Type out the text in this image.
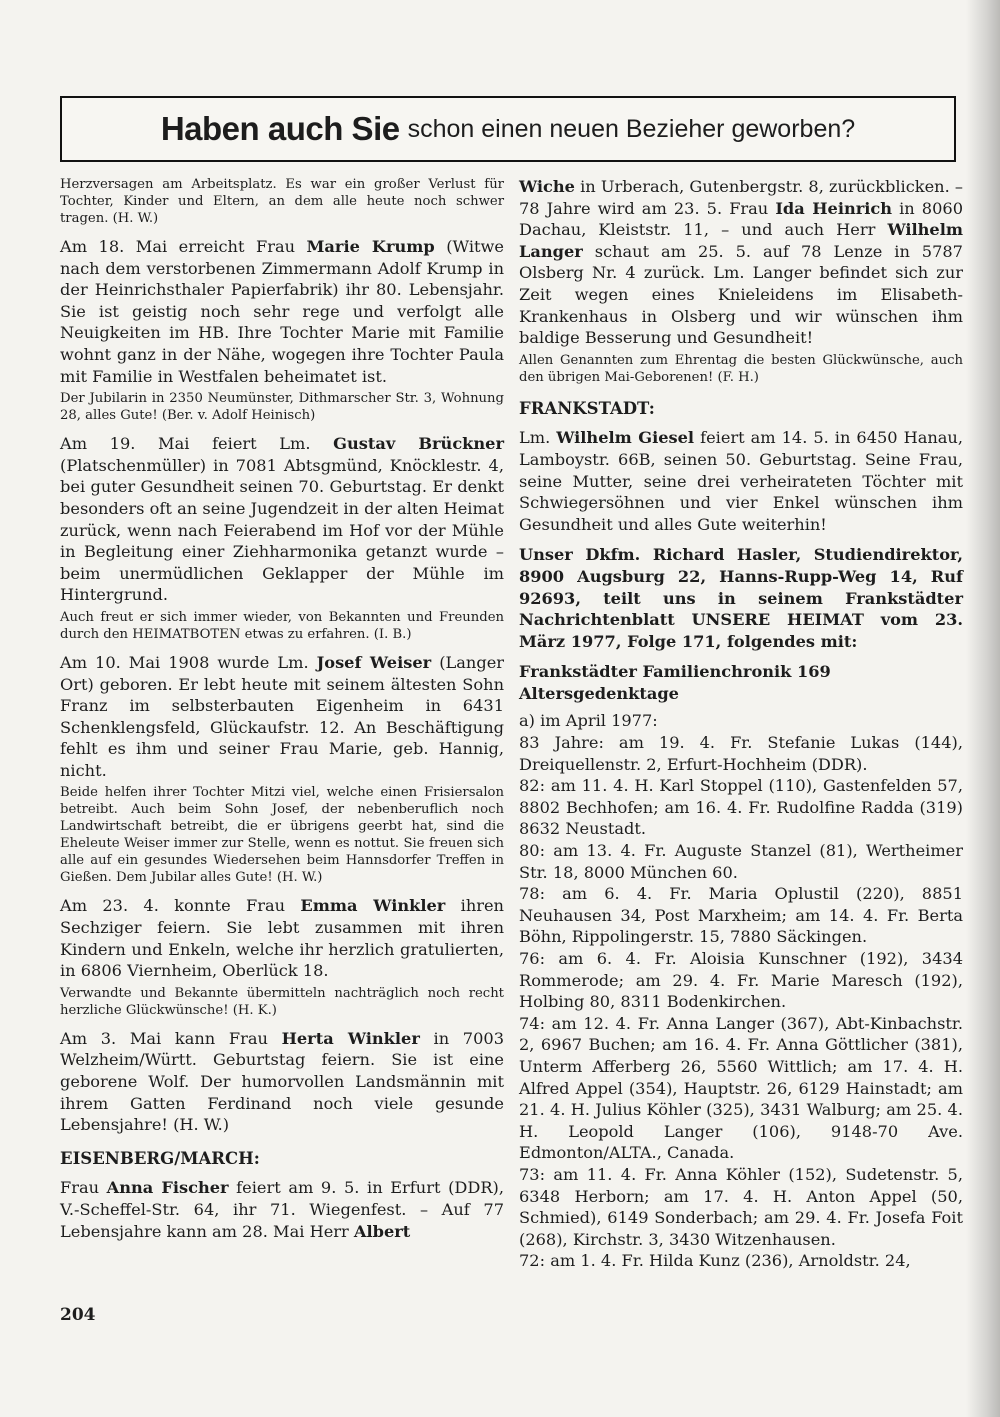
Haben auch Sie schon einen neuen Bezieher geworben?

Herzversagen am Arbeitsplatz. Es war ein großer Verlust für Tochter, Kinder und Eltern, an dem alle heute noch schwer tragen. (H. W.)

Am 18. Mai erreicht Frau Marie Krump (Witwe nach dem verstorbenen Zimmermann Adolf Krump in der Heinrichsthaler Papierfabrik) ihr 80. Lebensjahr. Sie ist geistig noch sehr rege und verfolgt alle Neuigkeiten im HB. Ihre Tochter Marie mit Familie wohnt ganz in der Nähe, wogegen ihre Tochter Paula mit Familie in Westfalen beheimatet ist.

Der Jubilarin in 2350 Neumünster, Dithmarscher Str. 3, Wohnung 28, alles Gute! (Ber. v. Adolf Heinisch)

Am 19. Mai feiert Lm. Gustav Brückner (Platschenmüller) in 7081 Abtsgmünd, Knöcklestr. 4, bei guter Gesundheit seinen 70. Geburtstag. Er denkt besonders oft an seine Jugendzeit in der alten Heimat zurück, wenn nach Feierabend im Hof vor der Mühle in Begleitung einer Ziehharmonika getanzt wurde – beim unermüdlichen Geklapper der Mühle im Hintergrund.

Auch freut er sich immer wieder, von Bekannten und Freunden durch den HEIMATBOTEN etwas zu erfahren. (I. B.)

Am 10. Mai 1908 wurde Lm. Josef Weiser (Langer Ort) geboren. Er lebt heute mit seinem ältesten Sohn Franz im selbsterbauten Eigenheim in 6431 Schenklengsfeld, Glückaufstr. 12. An Beschäftigung fehlt es ihm und seiner Frau Marie, geb. Hannig, nicht.

Beide helfen ihrer Tochter Mitzi viel, welche einen Frisiersalon betreibt. Auch beim Sohn Josef, der nebenberuflich noch Landwirtschaft betreibt, die er übrigens geerbt hat, sind die Eheleute Weiser immer zur Stelle, wenn es nottut. Sie freuen sich alle auf ein gesundes Wiedersehen beim Hannsdorfer Treffen in Gießen. Dem Jubilar alles Gute! (H. W.)

Am 23. 4. konnte Frau Emma Winkler ihren Sechziger feiern. Sie lebt zusammen mit ihren Kindern und Enkeln, welche ihr herzlich gratulierten, in 6806 Viernheim, Oberlück 18.

Verwandte und Bekannte übermitteln nachträglich noch recht herzliche Glückwünsche! (H. K.)

Am 3. Mai kann Frau Herta Winkler in 7003 Welzheim/Württ. Geburtstag feiern. Sie ist eine geborene Wolf. Der humorvollen Landsmännin mit ihrem Gatten Ferdinand noch viele gesunde Lebensjahre! (H. W.)

EISENBERG/MARCH:

Frau Anna Fischer feiert am 9. 5. in Erfurt (DDR), V.-Scheffel-Str. 64, ihr 71. Wiegenfest. – Auf 77 Lebensjahre kann am 28. Mai Herr Albert

Wiche in Urberach, Gutenbergstr. 8, zurückblicken. – 78 Jahre wird am 23. 5. Frau Ida Heinrich in 8060 Dachau, Kleiststr. 11, – und auch Herr Wilhelm Langer schaut am 25. 5. auf 78 Lenze in 5787 Olsberg Nr. 4 zurück. Lm. Langer befindet sich zur Zeit wegen eines Knieleidens im Elisabeth-Krankenhaus in Olsberg und wir wünschen ihm baldige Besserung und Gesundheit!

Allen Genannten zum Ehrentag die besten Glückwünsche, auch den übrigen Mai-Geborenen! (F. H.)

FRANKSTADT:

Lm. Wilhelm Giesel feiert am 14. 5. in 6450 Hanau, Lamboystr. 66B, seinen 50. Geburtstag. Seine Frau, seine Mutter, seine drei verheirateten Töchter mit Schwiegersöhnen und vier Enkel wünschen ihm Gesundheit und alles Gute weiterhin!

Unser Dkfm. Richard Hasler, Studiendirektor, 8900 Augsburg 22, Hanns-Rupp-Weg 14, Ruf 92693, teilt uns in seinem Frankstädter Nachrichtenblatt UNSERE HEIMAT vom 23. März 1977, Folge 171, folgendes mit:

Frankstädter Familienchronik 169
Altersgedenktage

a) im April 1977:

83 Jahre: am 19. 4. Fr. Stefanie Lukas (144), Dreiquellenstr. 2, Erfurt-Hochheim (DDR).

82: am 11. 4. H. Karl Stoppel (110), Gastenfelden 57, 8802 Bechhofen; am 16. 4. Fr. Rudolfine Radda (319) 8632 Neustadt.

80: am 13. 4. Fr. Auguste Stanzel (81), Wertheimer Str. 18, 8000 München 60.

78: am 6. 4. Fr. Maria Oplustil (220), 8851 Neuhausen 34, Post Marxheim; am 14. 4. Fr. Berta Böhn, Rippolingerstr. 15, 7880 Säckingen.

76: am 6. 4. Fr. Aloisia Kunschner (192), 3434 Rommerode; am 29. 4. Fr. Marie Maresch (192), Holbing 80, 8311 Bodenkirchen.

74: am 12. 4. Fr. Anna Langer (367), Abt-Kinbachstr. 2, 6967 Buchen; am 16. 4. Fr. Anna Göttlicher (381), Unterm Afferberg 26, 5560 Wittlich; am 17. 4. H. Alfred Appel (354), Hauptstr. 26, 6129 Hainstadt; am 21. 4. H. Julius Köhler (325), 3431 Walburg; am 25. 4. H. Leopold Langer (106), 9148-70 Ave. Edmonton/ALTA., Canada.

73: am 11. 4. Fr. Anna Köhler (152), Sudetenstr. 5, 6348 Herborn; am 17. 4. H. Anton Appel (50, Schmied), 6149 Sonderbach; am 29. 4. Fr. Josefa Foit (268), Kirchstr. 3, 3430 Witzenhausen.

72: am 1. 4. Fr. Hilda Kunz (236), Arnoldstr. 24,

204
